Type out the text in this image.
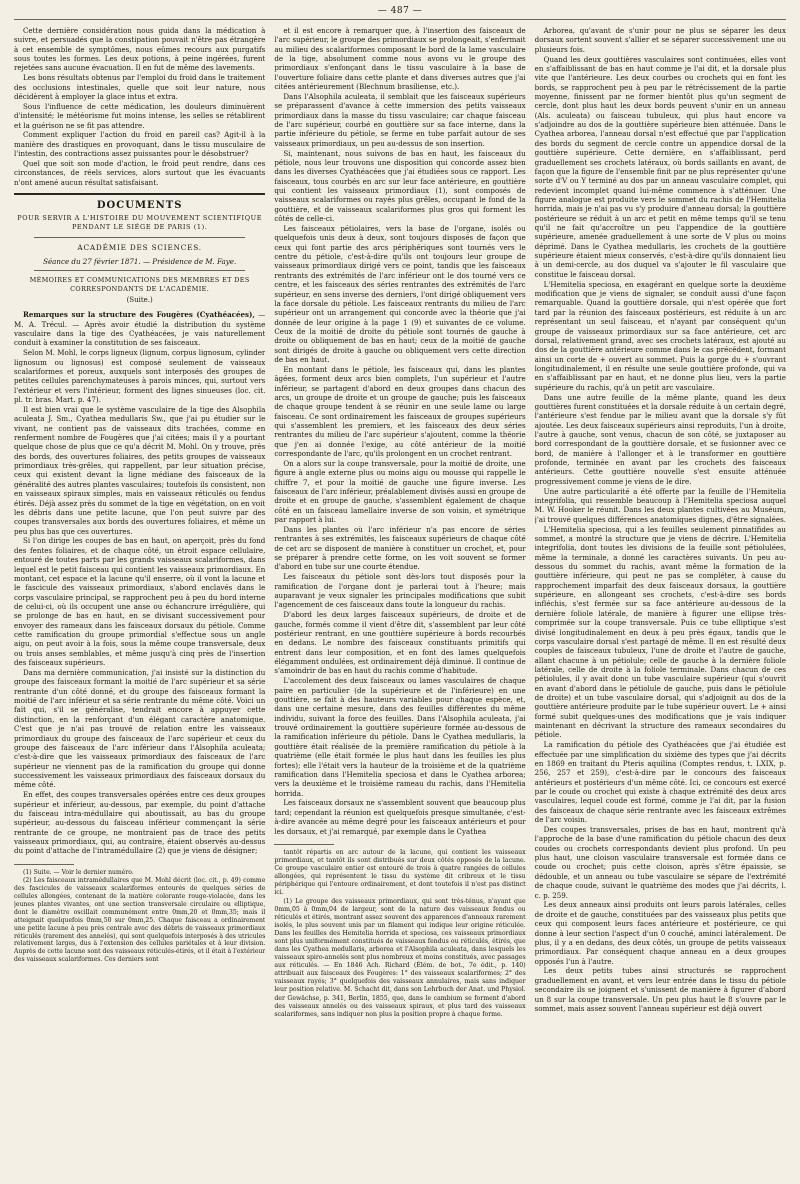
— 487 —

Cette dernière considération nous guida dans la médication à suivre, et persuadés que la constipation pouvait n'être pas étrangère à cet ensemble de symptômes, nous eûmes recours aux purgatifs sous toutes les formes. Les deux potions, à peine ingérées, furent rejetées sans aucune évacuation. Il en fut de même des lavements.

Les bons résultats obtenus par l'emploi du froid dans le traitement des occlusions intestinales, quelle que soit leur nature, nous décidèrent à employer la glace intus et extra.

Sous l'influence de cette médication, les douleurs diminuèrent d'intensité; le météorisme fut moins intense, les selles se rétablirent et la guérison ne se fit pas attendre.

Comment expliquer l'action du froid en pareil cas? Agit-il à la manière des drastiques en provoquant, dans le tissu musculaire de l'intestin, des contractions assez puissantes pour le désobstruer?

Quel que soit son mode d'action, le froid peut rendre, dans ces circonstances, de réels services, alors surtout que les évacuants n'ont amené aucun résultat satisfaisant.

DOCUMENTS
POUR SERVIR A L'HISTOIRE DU MOUVEMENT SCIENTIFIQUE PENDANT LE SIÉGE DE PARIS (1).
ACADÉMIE DES SCIENCES.
Séance du 27 février 1871. — Présidence de M. Faye.
MÉMOIRES ET COMMUNICATIONS DES MEMBRES ET DES CORRESPONDANTS DE L'ACADÉMIE.
(Suite.)

Remarques sur la structure des Fougères (Cyathéacées), — M. A. Trécul. — Après avoir étudié la distribution du système vasculaire dans la tige des Cyathéacées, je vais naturellement conduit à examiner la constitution de ses faisceaux.

Selon M. Mohl, le corps ligneux (lignum, corpus lignosum, cylinder lignosum ou lignosus) est composé seulement de vaisseaux scalariformes et poreux, auxquels sont interposés des groupes de petites cellules parenchymateuses à parois minces, qui, surtout vers l'extérieur et vers l'intérieur, forment des lignes sinueuses (loc. cit. pl. tr. bras. Mart. p. 47).

Il est bien vrai que le système vasculaire de la tige des Alsophila aculeata J. Sm., Cyathea medullaris Sw., que j'ai pu étudier sur le vivant, ne contient pas de vaisseaux dits trachées, comme en renferment nombre de Fougères que j'ai citées; mais il y a pourtant quelque chose de plus que ce qu'a décrit M. Mohl. On y trouve, près des bords, des ouvertures foliaires, des petits groupes de vaisseaux primordiaux très-grêles, qui rappellent, par leur situation précise, ceux qui existent devant la ligne médiane des faisceaux de la généralité des autres plantes vasculaires; toutefois ils consistent, non en vaisseaux spiraux simples, mais en vaisseaux réticulés ou fendus étirés. Déjà assez près du sommet de la tige en végétation, on en voit les débris dans une petite lacune, que l'on peut suivre par des coupes transversales aux bords des ouvertures foliaires, et même un peu plus bas que ces ouvertures.

Si l'on dirige les coupes de bas en haut, on aperçoit, près du fond des fentes foliaires, et de chaque côté, un étroit espace cellulaire, entouré de toutes parts par les grands vaisseaux scalariformes, dans lequel est le petit faisceau qui contient les vaisseaux primordiaux. En montant, cet espace et la lacune qu'il enserre, où il vont la lacune et le fascicule des vaisseaux primordiaux, s'abord enclavés dans le corps vasculaire principal, se rapprochent peu à peu du bord interne de celui-ci, où ils occupent une anse ou échancrure irrégulière, qui se prolonge de bas en haut, en se divisant successivement pour envoyer des rameaux dans les faisceaux dorsaux du pétiole. Comme cette ramification du groupe primordial s'effectue sous un angle aigu, on peut avoir à la fois, sous la même coupe transversale, deux ou trois anses semblables, et même jusqu'à cinq près de l'insertion des faisceaux supérieurs.

Dans ma dernière communication, j'ai insisté sur la distinction du groupe des faisceaux formant la moitié de l'arc supérieur et sa série rentrante d'un côté donné, et du groupe des faisceaux formant la moitié de l'arc inférieur et sa série rentrante du même côté. Voici un fait qui, s'il se généralise, tendrait encore à appuyer cette distinction, en la renforçant d'un élégant caractère anatomique. C'est que je n'ai pas trouvé de relation entre les vaisseaux primordiaux du groupe des faisceaux de l'arc supérieur et ceux du groupe des faisceaux de l'arc inférieur dans l'Alsophila aculeata; c'est-à-dire que les vaisseaux primordiaux des faisceaux de l'arc supérieur ne viennent pas de la ramification du groupe qui donne successivement les vaisseaux primordiaux des faisceaux dorsaux du même côté.

En effet, des coupes transversales opérées entre ces deux groupes supérieur et inférieur, au-dessous, par exemple, du point d'attache du faisceau intra-médullaire qui aboutissait, au bas du groupe supérieur, au-dessous du faisceau inférieur commençant la série rentrante de ce groupe, ne montraient pas de trace des petits vaisseaux primordiaux, qui, au contraire, étaient observés au-dessus du point d'attache de l'intramédullaire (2) que je viens de désigner;

(1) Suite. — Voir le dernier numéro.

(2) Les faisceaux intramédullaires que M. Mohl décrit (loc. cit., p. 49) comme des fascicules de vaisseaux scalariformes entourés de quelques séries de cellules allongées, contenant de la matière colorante rouge-violacée, dans les jeunes plantes vivantes, ont une section transversale circulaire ou elliptique, dont le diamètre oscillait communément entre 0mm,20 et 0mm,35; mais il atteignait quelquefois 0mm,50 sur 0mm,25. Chaque faisceau a ordinairement une petite lacune à peu près centrale avec des débris de vaisseaux primordiaux réticulés (rarement des annelés), qui sont quelquefois interposés à des utricules relativement larges, dus à l'extension des cellules pariétales et à leur division. Auprès de cette lacune sont des vaisseaux réticulés-étirés, et il était à l'extérieur des vaisseaux scalariformes. Ces derniers sont

et il est encore à remarquer que, à l'insertion des faisceaux de l'arc supérieur, le groupe des primordiaux se prolongeait, s'enfermait au milieu des scalariformes composant le bord de la lame vasculaire de la tige, absolument comme nous avons vu le groupe des primordiaux s'enfonçant dans le tissu vasculaire à la base de l'ouverture foliaire dans cette plante et dans diverses autres que j'ai citées antérieurement (Blechnum brasiliense, etc.).

Dans l'Alsophila aculeata, il semblait que les faisceaux supérieurs se préparassent d'avance à cette immersion des petits vaisseaux primordiaux dans la masse du tissu vasculaire; car chaque faisceau de l'arc supérieur, courbé en gouttière sur sa face interne, dans la partie inférieure du pétiole, se ferme en tube parfait autour de ses vaisseaux primordiaux, un peu au-dessus de son insertion.

Si, maintenant, nous suivons de bas en haut, les faisceaux du pétiole, nous leur trouvons une disposition qui concorde assez bien dans les diverses Cyathéacées que j'ai étudiées sous ce rapport. Les faisceaux, tous courbés en arc sur leur face antérieure, en gouttière qui contient les vaisseaux primordiaux (1), sont composés de vaisseaux scalariformes ou rayés plus grêles, occupant le fond de la gouttière, et de vaisseaux scalariformes plus gros qui forment les côtés de celle-ci.

Les faisceaux pétiolaires, vers la base de l'organe, isolés ou quelquefois unis deux à deux, sont toujours disposés de façon que ceux qui font partie des arcs périphériques sont tournés vers le centre du pétiole, c'est-à-dire qu'ils ont toujours leur groupe de vaisseaux primordiaux dirigé vers ce point, tandis que les faisceaux rentrants des extrémités de l'arc inférieur ont le dos tourné vers ce centre, et les faisceaux des séries rentrantes des extrémités de l'arc supérieur, en sens inverse des derniers, l'ont dirigé obliquement vers la face dorsale du pétiole. Les faisceaux rentrants du milieu de l'arc supérieur ont un arrangement qui concorde avec la théorie que j'ai donnée de leur origine à la page 1 (9) et suivantes de ce volume. Ceux de la moitié de droite du pétiole sont tournés de gauche à droite ou obliquement de bas en haut; ceux de la moitié de gauche sont dirigés de droite à gauche ou obliquement vers cette direction de bas en haut.

En montant dans le pétiole, les faisceaux qui, dans les plantes âgées, forment deux arcs bien complets, l'un supérieur et l'autre inférieur, se partagent d'abord en deux groupes dans chacun des arcs, un groupe de droite et un groupe de gauche; puis les faisceaux de chaque groupe tendent à se réunir en une seule lame ou large faisceau. Ce sont ordinairement les faisceaux de groupes supérieurs qui s'assemblent les premiers, et les faisceaux des deux séries rentrantes du milieu de l'arc supérieur s'ajoutent, comme la théorie que j'en ai donnée l'exige, au côté antérieur de la moitié correspondante de l'arc, qu'ils prolongent en un crochet rentrant.

On a alors sur la coupe transversale, pour la moitié de droite, une figure à angle externe plus ou moins aigu ou mousse qui rappelle le chiffre 7, et pour la moitié de gauche une figure inverse. Les faisceaux de l'arc inférieur, préalablement divisés aussi en groupe de droite et en groupe de gauche, s'assemblent également de chaque côté en un faisceau lamellaire inverse de son voisin, et symétrique par rapport à lui.

Dans les plantes où l'arc inférieur n'a pas encore de séries rentrantes à ses extrémités, les faisceaux supérieurs de chaque côté de cet arc se disposent de manière à constituer un crochet, et, pour se préparer à prendre cette forme, on les voit souvent se former d'abord en tube sur une courte étendue.

Les faisceaux du pétiole sont dès-lors tout disposés pour la ramification de l'organe dont je parlerai tout à l'heure; mais auparavant je veux signaler les principales modifications que subit l'agencement de ces faisceaux dans toute la longueur du rachis.

D'abord les deux larges faisceaux supérieurs, de droite et de gauche, formés comme il vient d'être dit, s'assemblent par leur côté postérieur rentrant, en une gouttière supérieure à bords recourbés en dedans. Le nombre des faisceaux constituants primitifs qui entrent dans leur composition, et en font des lames quelquefois élégamment ondulées, est ordinairement déjà diminué. Il continue de s'amoindrir de bas en haut du rachis comme d'habitude.

L'accolement des deux faisceaux ou lames vasculaires de chaque paire en particulier (de la supérieure et de l'inférieure) en une gouttière, se fait à des hauteurs variables pour chaque espèce, et, dans une certaine mesure, dans des feuilles différentes du même individu, suivant la force des feuilles. Dans l'Alsophila aculeata, j'ai trouvé ordinairement la gouttière supérieure formée au-dessous de la ramification inférieure du pétiole. Dans le Cyathea medullaris, la gouttière était réalisée de la première ramification du pétiole à la quatrième (elle était formée le plus haut dans les feuilles les plus fortes); elle l'était vers la hauteur de la troisième et de la quatrième ramification dans l'Hemitelia speciosa et dans le Cyathea arborea; vers la deuxième et le troisième rameau du rachis, dans l'Hemitelia horrida.

Les faisceaux dorsaux ne s'assemblent souvent que beaucoup plus tard; cependant la réunion est quelquefois presque simultanée, c'est-à-dire avancée au même degré pour les faisceaux antérieurs et pour les dorsaux, et j'ai remarqué, par exemple dans le Cyathea

tantôt répartis en arc autour de la lacune, qui contient les vaisseaux primordiaux, et tantôt ils sont distribués sur deux côtés opposés de la lacune. Ce groupe vasculaire entier est entouré de trois à quatre rangées de cellules allongées, qui représentent le tissu du système dit cribreux et le tissu périphérique qui l'entoure ordinairement, et dont toutefois il n'est pas distinct ici.

(1) Le groupe des vaisseaux primordiaux, qui sont très-ténus, n'ayant que 0mm,05 à 0mm,04 de largeur, sont de la nature des vaisseaux fendus ou réticulés et étirés, montrant assez souvent des apparences d'anneaux rarement isolés, le plus souvent unis par un filament qui indique leur origine réticulée. Dans les feuilles des Hemitelia horrida et speciosa, ces vaisseaux primordiaux sont plus uniformément constitués de vaisseaux fendus ou réticulés, étirés, que dans les Cyathea medullaris, arborea et l'Alsophila aculeata, dans lesquels les vaisseaux spiro-annelés sont plus nombreux et moins constitués, avec passages aux réticulés. — En 1846 Ach. Richard (Élém. de bot., 7e édit., p. 140) attribuait aux faisceaux des Fougères: 1° des vaisseaux scalariformes; 2° des vaisseaux rayés; 3° quelquefois des vaisseaux annulaires, mais sans indiquer leur position relative. M. Schacht dit, dans son Lehrbuch der Anat. und Physiol. der Gewächse, p. 341, Berlin, 1855, que, dans le cambium se forment d'abord des vaisseaux annelés ou des vaisseaux spiraux, et plus tard des vaisseaux scalariformes, sans indiquer non plus la position propre à chaque forme.

Arborea, qu'avant de s'unir pour ne plus se séparer les deux dorsaux sortent souvent s'allier et se séparer successivement une ou plusieurs fois.

Quand les deux gouttières vasculaires sont continuées, elles vont en s'affaiblissant de bas en haut comme je l'ai dit, et la dorsale plus vite que l'antérieure. Les deux courbes ou crochets qui en font les bords, se rapprochent peu à peu par le rétrécissement de la partie moyenne, finissent par ne former bientôt plus qu'un segment de cercle, dont plus haut les deux bords peuvent s'unir en un anneau (Als. aculeata) ou faisceau tubuleux, qui plus haut encore va s'adjoindre au dos de la gouttière supérieure bien atténuée. Dans le Cyathea arborea, l'anneau dorsal n'est effectué que par l'application des bords du segment de cercle contre un appendice dorsal de la gouttière supérieure. Cette dernière, en s'affaiblissant, perd graduellement ses crochets latéraux, où bords saillants en avant, de façon que la figure de l'ensemble finit par ne plus représenter qu'une sorte d'V ou Y terminé au dos par un anneau vasculaire complet, qui redevient incomplet quand lui-même commence à s'atténuer. Une figure analogue est produite vers le sommet du rachis de l'Hemitelia horrida, mais je n'ai pas vu s'y produire d'anneau dorsal; la gouttière postérieure se réduit à un arc et petit en même temps qu'il se tenu qu'il ne fait qu'accroître un peu l'appendice de la gouttière supérieure, amenée graduellement à une sorte de V plus ou moins déprimé. Dans le Cyathea medullaris, les crochets de la gouttière supérieure étaient mieux conservés, c'est-à-dire qu'ils donnaient lieu à un demi-cercle, au dos duquel va s'ajouter le fil vasculaire que constitue le faisceau dorsal.

L'Hemitelia speciosa, en exagérant en quelque sorte la deuxième modification que je viens de signaler, se conduit aussi d'une façon remarquable. Quand la gouttière dorsale, qui n'est opérée que fort tard par la réunion des faisceaux postérieurs, est réduite à un arc représentant un seul faisceau, et n'ayant par conséquent qu'un groupe de vaisseaux primordiaux sur sa face antérieure, cet arc dorsal, relativement grand, avec ses crochets latéraux, est ajouté au dos de la gouttière antérieure comme dans le cas précédent, formant ainsi un corte de + ouvert au sommet. Puis la gorge du + s'ouvrant longitudinalement, il en résulte une seule gouttière profonde, qui va en s'affaiblissant par en haut, et ne donne plus lieu, vers la partie supérieure du rachis, qu'à un petit arc vasculaire.

Dans une autre feuille de la même plante, quand les deux gouttières furent constituées et la dorsale réduite à un certain degré, l'antérieure s'est fendue par le milieu avant que la dorsale s'y fût ajoutée. Les deux faisceaux supérieurs ainsi reproduits, l'un à droite, l'autre à gauche, sont venus, chacun de son côté, se juxtaposer au bord correspondant de la gouttière dorsale, et se fusionner avec ce bord, de manière à l'allonger et à le transformer en gouttière profonde, terminée en avant par les crochets des faisceaux antérieurs. Cette gouttière nouvelle s'est ensuite atténuée progressivement comme je viens de le dire.

Une autre particularité a été offerte par la feuille de l'Hemitelia integrifolia, qui ressemble beaucoup à l'Hemitelia speciosa auquel M. W. Hooker le réunit. Dans les deux plantes cultivées au Muséum, j'ai trouvé quelques différences anatomiques dignes, d'être signalées.

L'Hemitelia speciosa, qui a les feuilles seulement pinnatifides au sommet, a montré la structure que je viens de décrire. L'Hemitelia integrifolia, dont toutes les divisions de la feuille sont pétiolulées, même la terminale, a donné les caractères suivants. Un peu au-dessous du sommet du rachis, avant même la formation de la gouttière inférieure, qui peut ne pas se compléter, à cause du rapprochement imparfait des deux faisceaux dorsaux, la gouttière supérieure, en allongeant ses crochets, c'est-à-dire ses bords infléchis, s'est fermée sur sa face antérieure au-dessous de la dernière foliole latérale, de manière à figurer une ellipse très-comprimée sur la coupe transversale. Puis ce tube elliptique s'est divisé longitudinalement en deux à peu près égaux, tandis que le corps vasculaire dorsal s'est partagé de même. Il en est résulté deux couples de faisceaux tubuleux, l'une de droite et l'autre de gauche, allant chacune à un pétiolule; celle de gauche à la dernière foliole latérale, celle de droite à la foliole terminale. Dans chacun de ces pétiolules, il y avait donc un tube vasculaire supérieur (qui s'ouvrit en avant d'abord dans le pétiolule de gauche, puis dans le pétiolule de droite) et un tube vasculaire dorsal, qui s'adjoignit au dos de la gouttière antérieure produite par le tube supérieur ouvert. Le + ainsi formé subit quelques-unes des modifications que je vais indiquer maintenant en décrivant la structure des rameaux secondaires du pétiole.

La ramification du pétiole des Cyathéacées que j'ai étudiée est effectuée par une simplification du sixième des types que j'ai décrits en 1869 en traitant du Pteris aquilina (Comptes rendus, t. LXIX, p. 256, 257 et 259), c'est-à-dire par le concours des faisceaux antérieurs et postérieurs d'un même côté. Ici, ce concours est exercé par le coude ou crochet qui existe à chaque extrémité des deux arcs vasculaires, lequel coude est formé, comme je l'ai dit, par la fusion des faisceaux de chaque série rentrante avec les faisceaux extrêmes de l'arc voisin.

Des coupes transversales, prises de bas en haut, montrent qu'à l'approche de la base d'une ramification du pétiole chacun des deux coudes ou crochets correspondants devient plus profond. Un peu plus haut, une cloison vasculaire transversale est formée dans ce coude ou crochet; puis cette cloison, après s'être épaissie, se dédouble, et un anneau ou tube vasculaire se sépare de l'extrémité de chaque coude, suivant le quatrième des modes que j'ai décrits, l. c. p. 259.

Les deux anneaux ainsi produits ont leurs parois latérales, celles de droite et de gauche, constituées par des vaisseaux plus petits que ceux qui composent leurs faces antérieure et postérieure, ce qui donne à leur section l'aspect d'un 0 couché, aminci latéralement. De plus, il y a en dedans, des deux côtés, un groupe de petits vaisseaux primordiaux. Par conséquent chaque anneau en a deux groupes opposés l'un à l'autre.

Les deux petits tubes ainsi structurés se rapprochent graduellement en avant, et vers leur entrée dans le tissu du pétiole secondaire ils se joignent et s'unissent de manière à figurer d'abord un 8 sur la coupe transversale. Un peu plus haut le 8 s'ouvre par le sommet, mais assez souvent l'anneau supérieur est déjà ouvert
